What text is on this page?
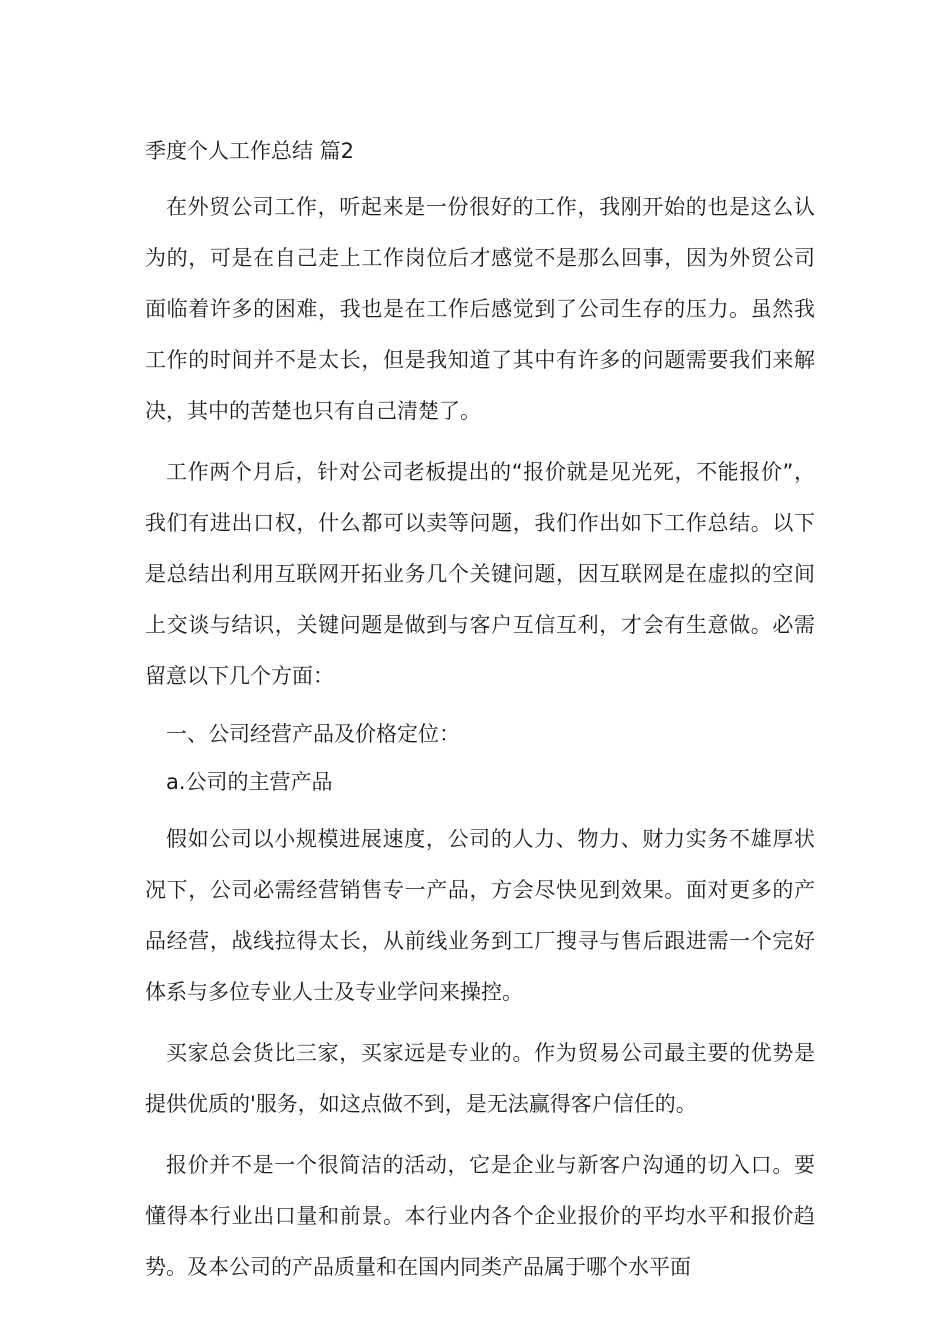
季度个人工作总结 篇2

在外贸公司工作，听起来是一份很好的工作，我刚开始的也是这么认为的，可是在自己走上工作岗位后才感觉不是那么回事，因为外贸公司面临着许多的困难，我也是在工作后感觉到了公司生存的压力。虽然我工作的时间并不是太长，但是我知道了其中有许多的问题需要我们来解决，其中的苦楚也只有自己清楚了。

工作两个月后，针对公司老板提出的“报价就是见光死，不能报价”，我们有进出口权，什么都可以卖等问题，我们作出如下工作总结。以下是总结出利用互联网开拓业务几个关键问题，因互联网是在虚拟的空间上交谈与结识，关键问题是做到与客户互信互利，才会有生意做。必需留意以下几个方面：

一、公司经营产品及价格定位：

a.公司的主营产品

假如公司以小规模进展速度，公司的人力、物力、财力实务不雄厚状况下，公司必需经营销售专一产品，方会尽快见到效果。面对更多的产品经营，战线拉得太长，从前线业务到工厂搜寻与售后跟进需一个完好体系与多位专业人士及专业学问来操控。

买家总会货比三家，买家远是专业的。作为贸易公司最主要的优势是提供优质的'服务，如这点做不到，是无法赢得客户信任的。

报价并不是一个很简洁的活动，它是企业与新客户沟通的切入口。要懂得本行业出口量和前景。本行业内各个企业报价的平均水平和报价趋势。及本公司的产品质量和在国内同类产品属于哪个水平面
